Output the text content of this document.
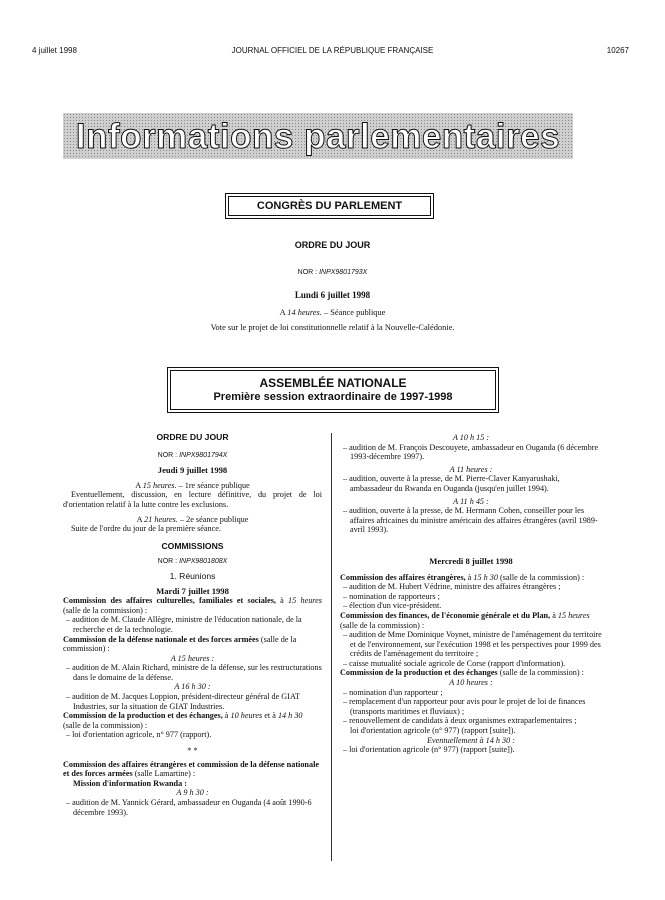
4 juillet 1998	JOURNAL OFFICIEL DE LA RÉPUBLIQUE FRANÇAISE	10267
Informations parlementaires
CONGRÈS DU PARLEMENT
ORDRE DU JOUR
NOR : INPX9801793X
Lundi 6 juillet 1998
A 14 heures. – Séance publique
Vote sur le projet de loi constitutionnelle relatif à la Nouvelle-Calédonie.
ASSEMBLÉE NATIONALE
Première session extraordinaire de 1997-1998

ORDRE DU JOUR

NOR : INPX9801794X

Jeudi 9 juillet 1998

A 15 heures. – 1re séance publique

Eventuellement, discussion, en lecture définitive, du projet de loi d'orientation relatif à la lutte contre les exclusions.

A 21 heures. – 2e séance publique

Suite de l'ordre du jour de la première séance.

COMMISSIONS

NOR : INPX9801808X

1. Réunions

Mardi 7 juillet 1998

Commission des affaires culturelles, familiales et sociales, à 15 heures (salle de la commission) :

– audition de M. Claude Allègre, ministre de l'éducation nationale, de la recherche et de la technologie.

Commission de la défense nationale et des forces armées (salle de la commission) :

A 15 heures :

– audition de M. Alain Richard, ministre de la défense, sur les restructurations dans le domaine de la défense.

A 16 h 30 :

– audition de M. Jacques Loppion, président-directeur général de GIAT Industries, sur la situation de GIAT Industries.

Commission de la production et des échanges, à 10 heures et à 14 h 30 (salle de la commission) :

– loi d'orientation agricole, n° 977 (rapport).

* *

Commission des affaires étrangères et commission de la défense nationale et des forces armées (salle Lamartine) :

Mission d'information Rwanda :

A 9 h 30 :

– audition de M. Yannick Gérard, ambassadeur en Ouganda (4 août 1990-6 décembre 1993).

A 10 h 15 :

– audition de M. François Descouyete, ambassadeur en Ouganda (6 décembre 1993-décembre 1997).

A 11 heures :

– audition, ouverte à la presse, de M. Pierre-Claver Kanyarushaki, ambassadeur du Rwanda en Ouganda (jusqu'en juillet 1994).

A 11 h 45 :

– audition, ouverte à la presse, de M. Hermann Cohen, conseiller pour les affaires africaines du ministre américain des affaires étrangères (avril 1989-avril 1993).

Mercredi 8 juillet 1998

Commission des affaires étrangères, à 15 h 30 (salle de la commission) :

– audition de M. Hubert Védrine, ministre des affaires étrangères ;

– nomination de rapporteurs ;

– élection d'un vice-président.

Commission des finances, de l'économie générale et du Plan, à 15 heures (salle de la commission) :

– audition de Mme Dominique Voynet, ministre de l'aménagement du territoire et de l'environnement, sur l'exécution 1998 et les perspectives pour 1999 des crédits de l'aménagement du territoire ;

– caisse mutualité sociale agricole de Corse (rapport d'information).

Commission de la production et des échanges (salle de la commission) :

A 10 heures :

– nomination d'un rapporteur ;

– remplacement d'un rapporteur pour avis pour le projet de loi de finances (transports maritimes et fluviaux) ;

– renouvellement de candidats à deux organismes extraparlementaires ;

loi d'orientation agricole (n° 977) (rapport [suite]).

Eventuellement à 14 h 30 :

– loi d'orientation agricole (n° 977) (rapport [suite]).
